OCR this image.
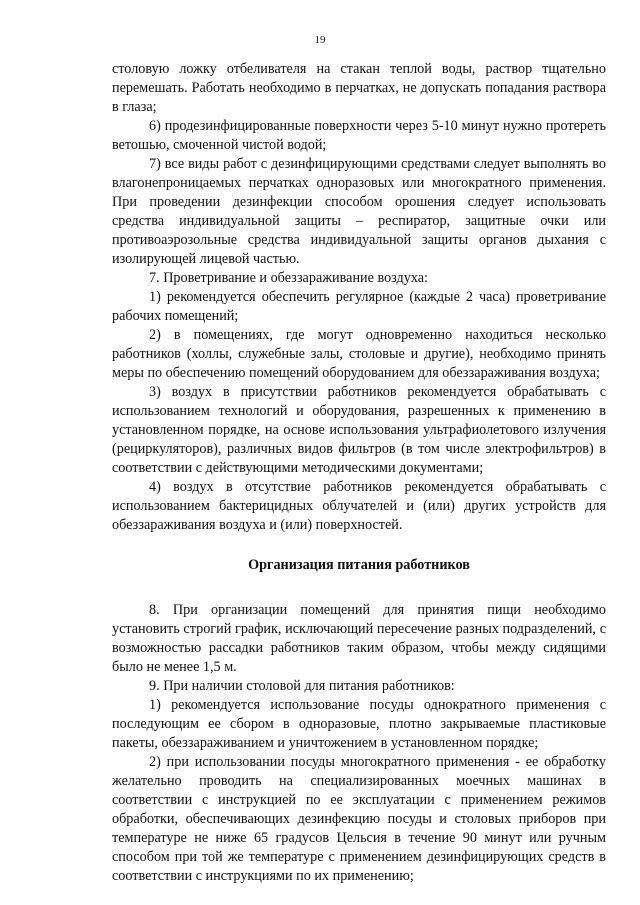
19

столовую ложку отбеливателя на стакан теплой воды, раствор тщательно перемешать. Работать необходимо в перчатках, не допускать попадания раствора в глаза;

6) продезинфицированные поверхности через 5-10 минут нужно протереть ветошью, смоченной чистой водой;

7) все виды работ с дезинфицирующими средствами следует выполнять во влагонепроницаемых перчатках одноразовых или многократного применения. При проведении дезинфекции способом орошения следует использовать средства индивидуальной защиты – респиратор, защитные очки или противоаэрозольные средства индивидуальной защиты органов дыхания с изолирующей лицевой частью.

7. Проветривание и обеззараживание воздуха:

1) рекомендуется обеспечить регулярное (каждые 2 часа) проветривание рабочих помещений;

2) в помещениях, где могут одновременно находиться несколько работников (холлы, служебные залы, столовые и другие), необходимо принять меры по обеспечению помещений оборудованием для обеззараживания воздуха;

3) воздух в присутствии работников рекомендуется обрабатывать с использованием технологий и оборудования, разрешенных к применению в установленном порядке, на основе использования ультрафиолетового излучения (рециркуляторов), различных видов фильтров (в том числе электрофильтров) в соответствии с действующими методическими документами;

4) воздух в отсутствие работников рекомендуется обрабатывать с использованием бактерицидных облучателей и (или) других устройств для обеззараживания воздуха и (или) поверхностей.

Организация питания работников

8. При организации помещений для принятия пищи необходимо установить строгий график, исключающий пересечение разных подразделений, с возможностью рассадки работников таким образом, чтобы между сидящими было не менее 1,5 м.

9. При наличии столовой для питания работников:

1) рекомендуется использование посуды однократного применения с последующим ее сбором в одноразовые, плотно закрываемые пластиковые пакеты, обеззараживанием и уничтожением в установленном порядке;

2) при использовании посуды многократного применения - ее обработку желательно проводить на специализированных моечных машинах в соответствии с инструкцией по ее эксплуатации с применением режимов обработки, обеспечивающих дезинфекцию посуды и столовых приборов при температуре не ниже 65 градусов Цельсия в течение 90 минут или ручным способом при той же температуре с применением дезинфицирующих средств в соответствии с инструкциями по их применению;
